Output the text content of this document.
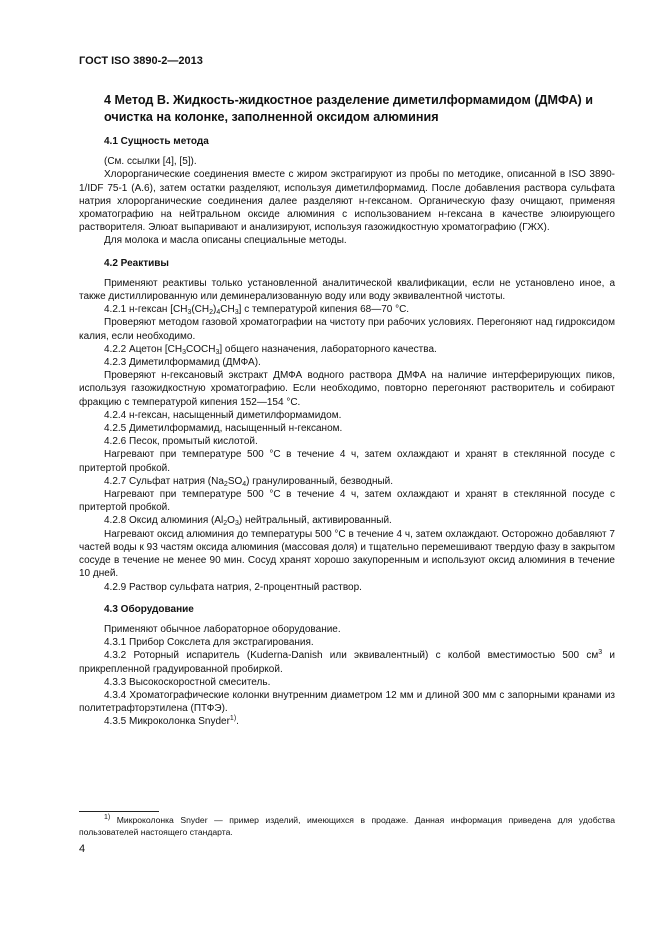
ГОСТ ISO 3890-2—2013

4 Метод В. Жидкость-жидкостное разделение диметилформамидом (ДМФА) и очистка на колонке, заполненной оксидом алюминия

4.1 Сущность метода

(См. ссылки [4], [5]).

Хлорорганические соединения вместе с жиром экстрагируют из пробы по методике, описанной в ISO 3890-1/IDF 75-1 (А.6), затем остатки разделяют, используя диметилформамид. После добавления раствора сульфата натрия хлорорганические соединения далее разделяют н-гексаном. Органическую фазу очищают, применяя хроматографию на нейтральном оксиде алюминия с использованием н-гексана в качестве элюирующего растворителя. Элюат выпаривают и анализируют, используя газожидкостную хроматографию (ГЖХ).

Для молока и масла описаны специальные методы.

4.2 Реактивы

Применяют реактивы только установленной аналитической квалификации, если не установлено иное, а также дистиллированную или деминерализованную воду или воду эквивалентной чистоты.

4.2.1 н-гексан $[CH_3(CH_2)_4CH_3]$ с температурой кипения 68—70 °С.

Проверяют методом газовой хроматографии на чистоту при рабочих условиях. Перегоняют над гидроксидом калия, если необходимо.

4.2.2 Ацетон $[CH_3COCH_3]$ общего назначения, лабораторного качества.

4.2.3 Диметилформамид (ДМФА).

Проверяют н-гексановый экстракт ДМФА водного раствора ДМФА на наличие интерферирующих пиков, используя газожидкостную хроматографию. Если необходимо, повторно перегоняют растворитель и собирают фракцию с температурой кипения 152—154 °С.

4.2.4 н-гексан, насыщенный диметилформамидом.

4.2.5 Диметилформамид, насыщенный н-гексаном.

4.2.6 Песок, промытый кислотой.

Нагревают при температуре 500 °С в течение 4 ч, затем охлаждают и хранят в стеклянной посуде с притертой пробкой.

4.2.7 Сульфат натрия $(Na_2SO_4)$ гранулированный, безводный.

Нагревают при температуре 500 °С в течение 4 ч, затем охлаждают и хранят в стеклянной посуде с притертой пробкой.

4.2.8 Оксид алюминия $(Al_2O_3)$ нейтральный, активированный.

Нагревают оксид алюминия до температуры 500 °С в течение 4 ч, затем охлаждают. Осторожно добавляют 7 частей воды к 93 частям оксида алюминия (массовая доля) и тщательно перемешивают твердую фазу в закрытом сосуде в течение не менее 90 мин. Сосуд хранят хорошо закупоренным и используют оксид алюминия в течение 10 дней.

4.2.9 Раствор сульфата натрия, 2-процентный раствор.

4.3 Оборудование

Применяют обычное лабораторное оборудование.

4.3.1 Прибор Сокслета для экстрагирования.

4.3.2 Роторный испаритель (Kuderna-Danish или эквивалентный) с колбой вместимостью 500 $см^3$ и прикрепленной градуированной пробиркой.

4.3.3 Высокоскоростной смеситель.

4.3.4 Хроматографические колонки внутренним диаметром 12 мм и длиной 300 мм с запорными кранами из политетрафторэтилена (ПТФЭ).

4.3.5 Микроколонка Snyder$^{1)}$.

$^{1)}$ Микроколонка Snyder — пример изделий, имеющихся в продаже. Данная информация приведена для удобства пользователей настоящего стандарта.
4
